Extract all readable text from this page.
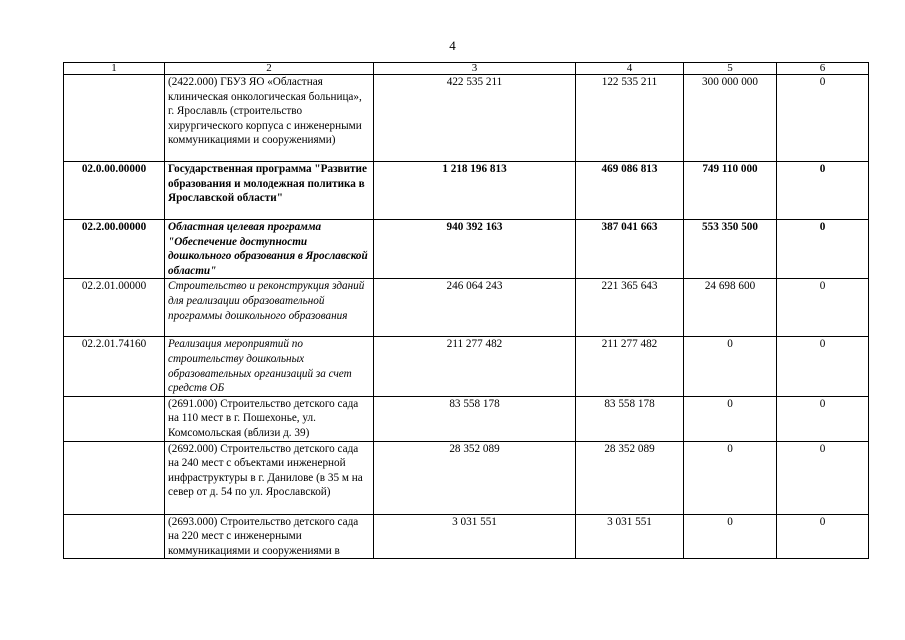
4
1	2	3	4	5	6
	(2422.000) ГБУЗ ЯО «Областная клиническая онкологическая больница», г. Ярославль (строительство хирургического корпуса с инженерными коммуникациями и сооружениями)	422 535 211	122 535 211	300 000 000	0
02.0.00.00000	Государственная программа "Развитие образования и молодежная политика в Ярославской области"	1 218 196 813	469 086 813	749 110 000	0
02.2.00.00000	Областная целевая программа "Обеспечение доступности дошкольного образования в Ярославской области"	940 392 163	387 041 663	553 350 500	0
02.2.01.00000	Строительство и реконструкция зданий для реализации образовательной программы дошкольного образования	246 064 243	221 365 643	24 698 600	0
02.2.01.74160	Реализация мероприятий по строительству дошкольных образовательных организаций за счет средств ОБ	211 277 482	211 277 482	0	0
	(2691.000) Строительство детского сада на 110 мест в г. Пошехонье, ул. Комсомольская (вблизи д. 39)	83 558 178	83 558 178	0	0
	(2692.000) Строительство детского сада на 240 мест с объектами инженерной инфраструктуры в г. Данилове (в 35 м на север от д. 54 по ул. Ярославской)	28 352 089	28 352 089	0	0
	(2693.000) Строительство детского сада на 220 мест с инженерными коммуникациями и сооружениями в	3 031 551	3 031 551	0	0
